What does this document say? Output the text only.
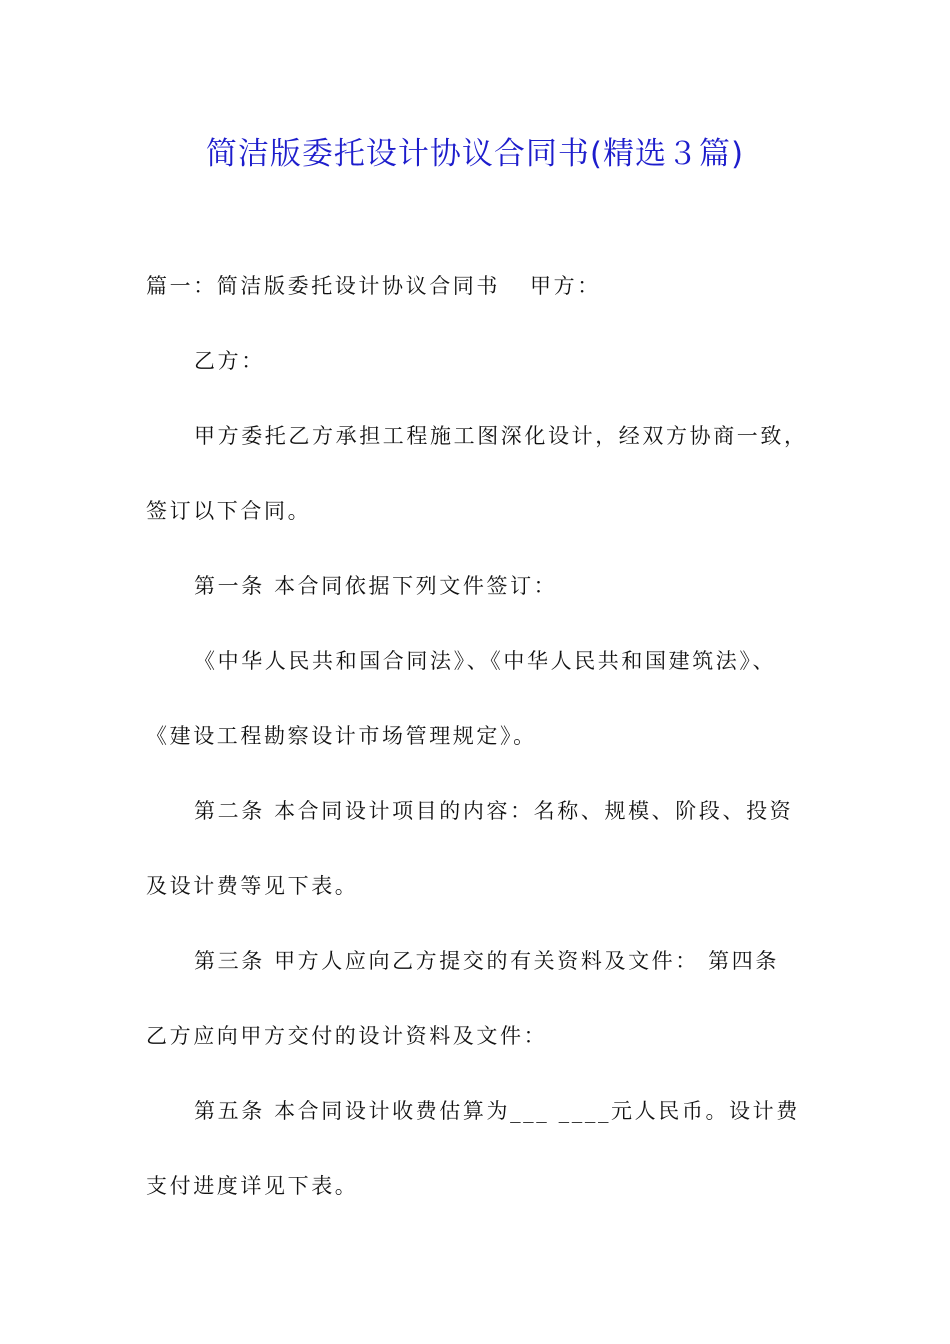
简洁版委托设计协议合同书(精选３篇)
篇一：简洁版委托设计协议合同书 甲方：
乙方：
甲方委托乙方承担工程施工图深化设计，经双方协商一致，
签订以下合同。
第一条 本合同依据下列文件签订：
《中华人民共和国合同法》、《中华人民共和国建筑法》、
《建设工程勘察设计市场管理规定》。
第二条 本合同设计项目的内容：名称、规模、阶段、投资
及设计费等见下表。
第三条 甲方人应向乙方提交的有关资料及文件： 第四条
乙方应向甲方交付的设计资料及文件：
第五条 本合同设计收费估算为___ ____元人民币。设计费
支付进度详见下表。
